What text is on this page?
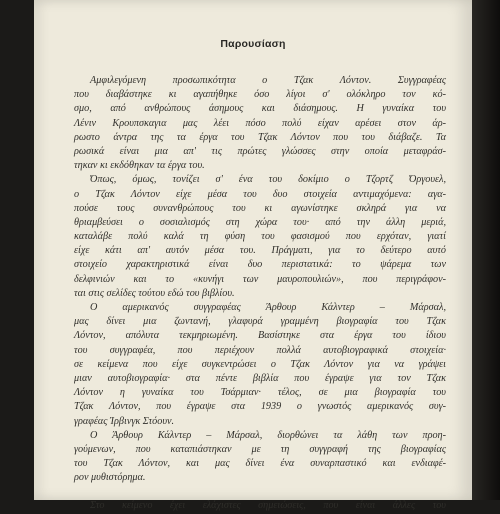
Παρουσίαση
Αμφιλεγόμενη προσωπικότητα ο Τζακ Λόντον. Συγγραφέας
που διαβάστηκε κι αγαπήθηκε όσο λίγοι σ' ολόκληρο τον κό-
σμο, από ανθρώπους άσημους και διάσημους. Η γυναίκα του
Λένιν Κρουπσκαγια μας λέει πόσο πολύ είχαν αρέσει στον άρ-
ρωστο άντρα της τα έργα του Τζακ Λόντον που του διάβαζε. Τα
ρωσικά είναι μια απ' τις πρώτες γλώσσες στην οποία μεταφράσ-
τηκαν κι εκδόθηκαν τα έργα του.
Όπως, όμως, τονίζει σ' ένα του δοκίμιο ο Τζορτζ Όργουελ,
ο Τζακ Λόντον είχε μέσα του δυο στοιχεία αντιμαχόμενα: αγα-
πούσε τους συνανθρώπους του κι αγωνίστηκε σκληρά για να
θριαμβεύσει ο σοσιαλισμός στη χώρα του· από την άλλη μεριά,
καταλάβε πολύ καλά τη φύση του φασισμού που ερχόταν, γιατί
είχε κάτι απ' αυτόν μέσα του. Πράγματι, για το δεύτερο αυτό
στοιχείο χαρακτηριστικά είναι δυο περιστατικά: το ψάρεμα των
δελφινιών και το «κυνήγι των μαυροπουλιών», που περιγράφον-
ται στις σελίδες τούτου εδώ του βιβλίου.
Ο αμερικανός συγγραφέας Άρθουρ Κάλντερ – Μάρσαλ,
μας δίνει μια ζωντανή, γλαφυρά γραμμένη βιογραφία του Τζακ
Λόντον, απόλυτα τεκμηριωμένη. Βασίστηκε στα έργα του ίδιου
του συγγραφέα, που περιέχουν πολλά αυτοβιογραφικά στοιχεία·
σε κείμενα που είχε συγκεντρώσει ο Τζακ Λόντον για να γράψει
μιαν αυτοβιογραφία· στα πέντε βιβλία που έγραψε για τον Τζακ
Λόντον η γυναίκα του Τσάρμιαν· τέλος, σε μια βιογραφία του
Τζακ Λόντον, που έγραψε στα 1939 ο γνωστός αμερικανός συγ-
γραφέας Ίρβινγκ Στόουν.
Ο Άρθουρ Κάλντερ – Μάρσαλ, διορθώνει τα λάθη των προη-
γούμενων, που καταπιάστηκαν με τη συγγραφή της βιογραφίας
του Τζακ Λόντον, και μας δίνει ένα συναρπαστικό και ενδιαφέ-
ρον μυθιστόρημα.
Στο κείμενο έχει ελάχιστες σημειώσεις, που είναι άλλες του
